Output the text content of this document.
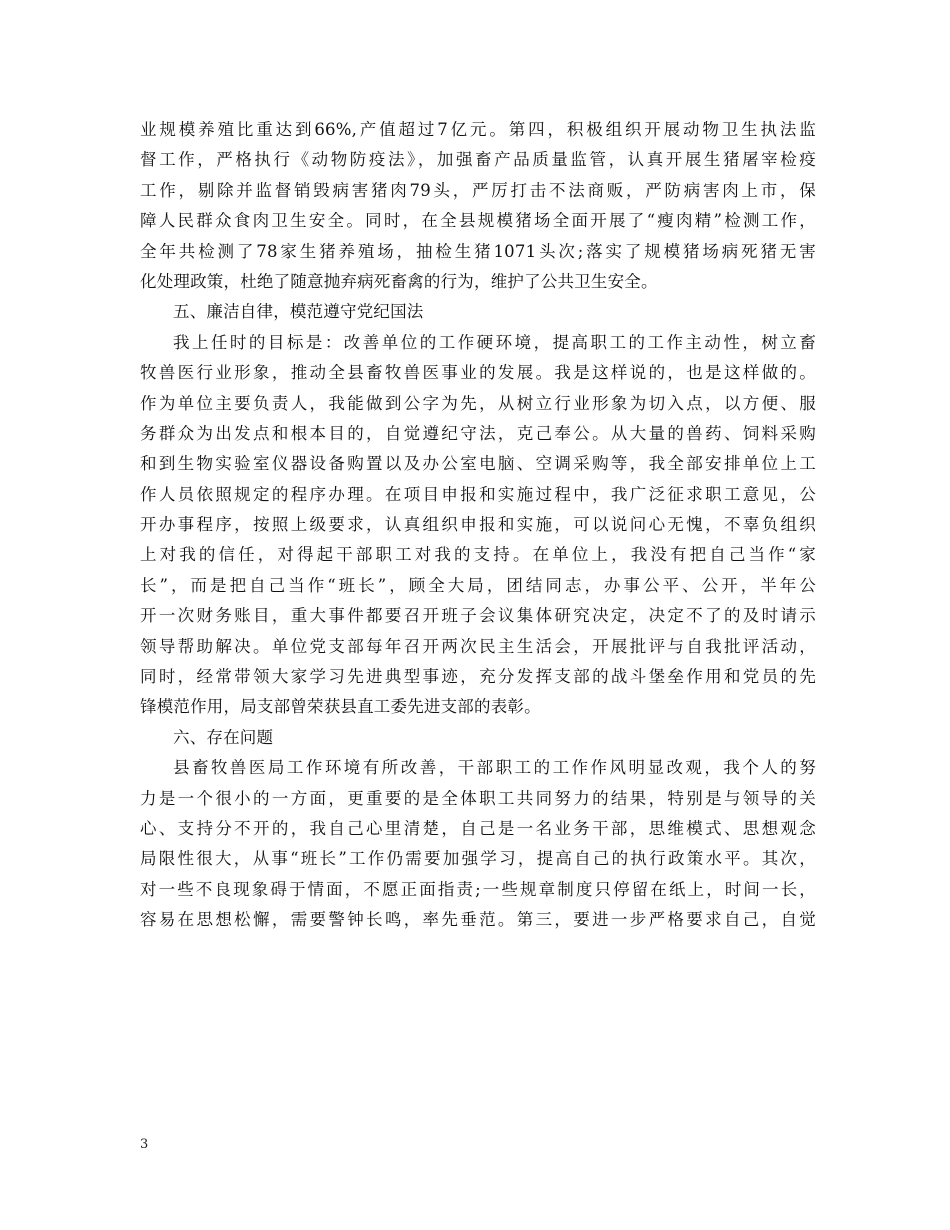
业规模养殖比重达到66%,产值超过7亿元。第四，积极组织开展动物卫生执法监
督工作，严格执行《动物防疫法》，加强畜产品质量监管，认真开展生猪屠宰检疫
工作，剔除并监督销毁病害猪肉79头，严厉打击不法商贩，严防病害肉上市，保
障人民群众食肉卫生安全。同时，在全县规模猪场全面开展了“瘦肉精”检测工作，
全年共检测了78家生猪养殖场，抽检生猪1071头次;落实了规模猪场病死猪无害
化处理政策，杜绝了随意抛弃病死畜禽的行为，维护了公共卫生安全。
五、廉洁自律，模范遵守党纪国法
我上任时的目标是：改善单位的工作硬环境，提高职工的工作主动性，树立畜
牧兽医行业形象，推动全县畜牧兽医事业的发展。我是这样说的，也是这样做的。
作为单位主要负责人，我能做到公字为先，从树立行业形象为切入点，以方便、服
务群众为出发点和根本目的，自觉遵纪守法，克己奉公。从大量的兽药、饲料采购
和到生物实验室仪器设备购置以及办公室电脑、空调采购等，我全部安排单位上工
作人员依照规定的程序办理。在项目申报和实施过程中，我广泛征求职工意见，公
开办事程序，按照上级要求，认真组织申报和实施，可以说问心无愧，不辜负组织
上对我的信任，对得起干部职工对我的支持。在单位上，我没有把自己当作“家
长”，而是把自己当作“班长”，顾全大局，团结同志，办事公平、公开，半年公
开一次财务账目，重大事件都要召开班子会议集体研究决定，决定不了的及时请示
领导帮助解决。单位党支部每年召开两次民主生活会，开展批评与自我批评活动，
同时，经常带领大家学习先进典型事迹，充分发挥支部的战斗堡垒作用和党员的先
锋模范作用，局支部曾荣获县直工委先进支部的表彰。
六、存在问题
县畜牧兽医局工作环境有所改善，干部职工的工作作风明显改观，我个人的努
力是一个很小的一方面，更重要的是全体职工共同努力的结果，特别是与领导的关
心、支持分不开的，我自己心里清楚，自己是一名业务干部，思维模式、思想观念
局限性很大，从事“班长”工作仍需要加强学习，提高自己的执行政策水平。其次，
对一些不良现象碍于情面，不愿正面指责;一些规章制度只停留在纸上，时间一长，
容易在思想松懈，需要警钟长鸣，率先垂范。第三，要进一步严格要求自己，自觉
3
